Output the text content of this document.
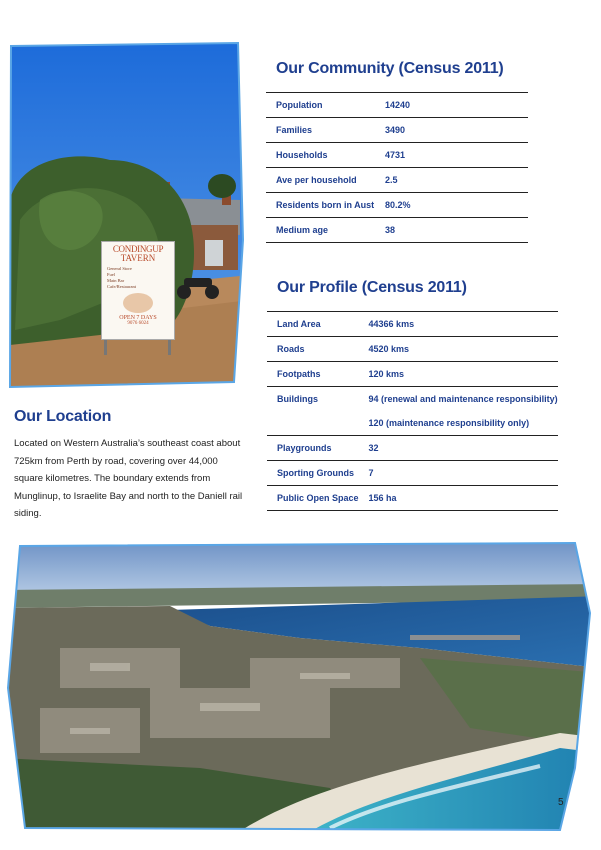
CONDINGUP
TAVERN
General Store
Fuel
Main Bar
Cafe/Restaurant
OPEN 7 DAYS
9076 6024
Our Community (Census 2011)
Population	14240
Families	3490
Households	4731
Ave per household	2.5
Residents born in Aust	80.2%
Medium age	38
Our Profile (Census 2011)
Land Area	44366 kms
Roads	4520 kms
Footpaths	120 kms
Buildings	94 (renewal and maintenance responsibility)
	120 (maintenance responsibility only)
Playgrounds	32
Sporting Grounds	7
Public Open Space	156 ha
Our Location

Located on Western Australia’s southeast coast about 725km from Perth by road, covering over 44,000 square kilometres. The boundary extends from Munglinup, to Israelite Bay and north to the Daniell rail siding.

5
